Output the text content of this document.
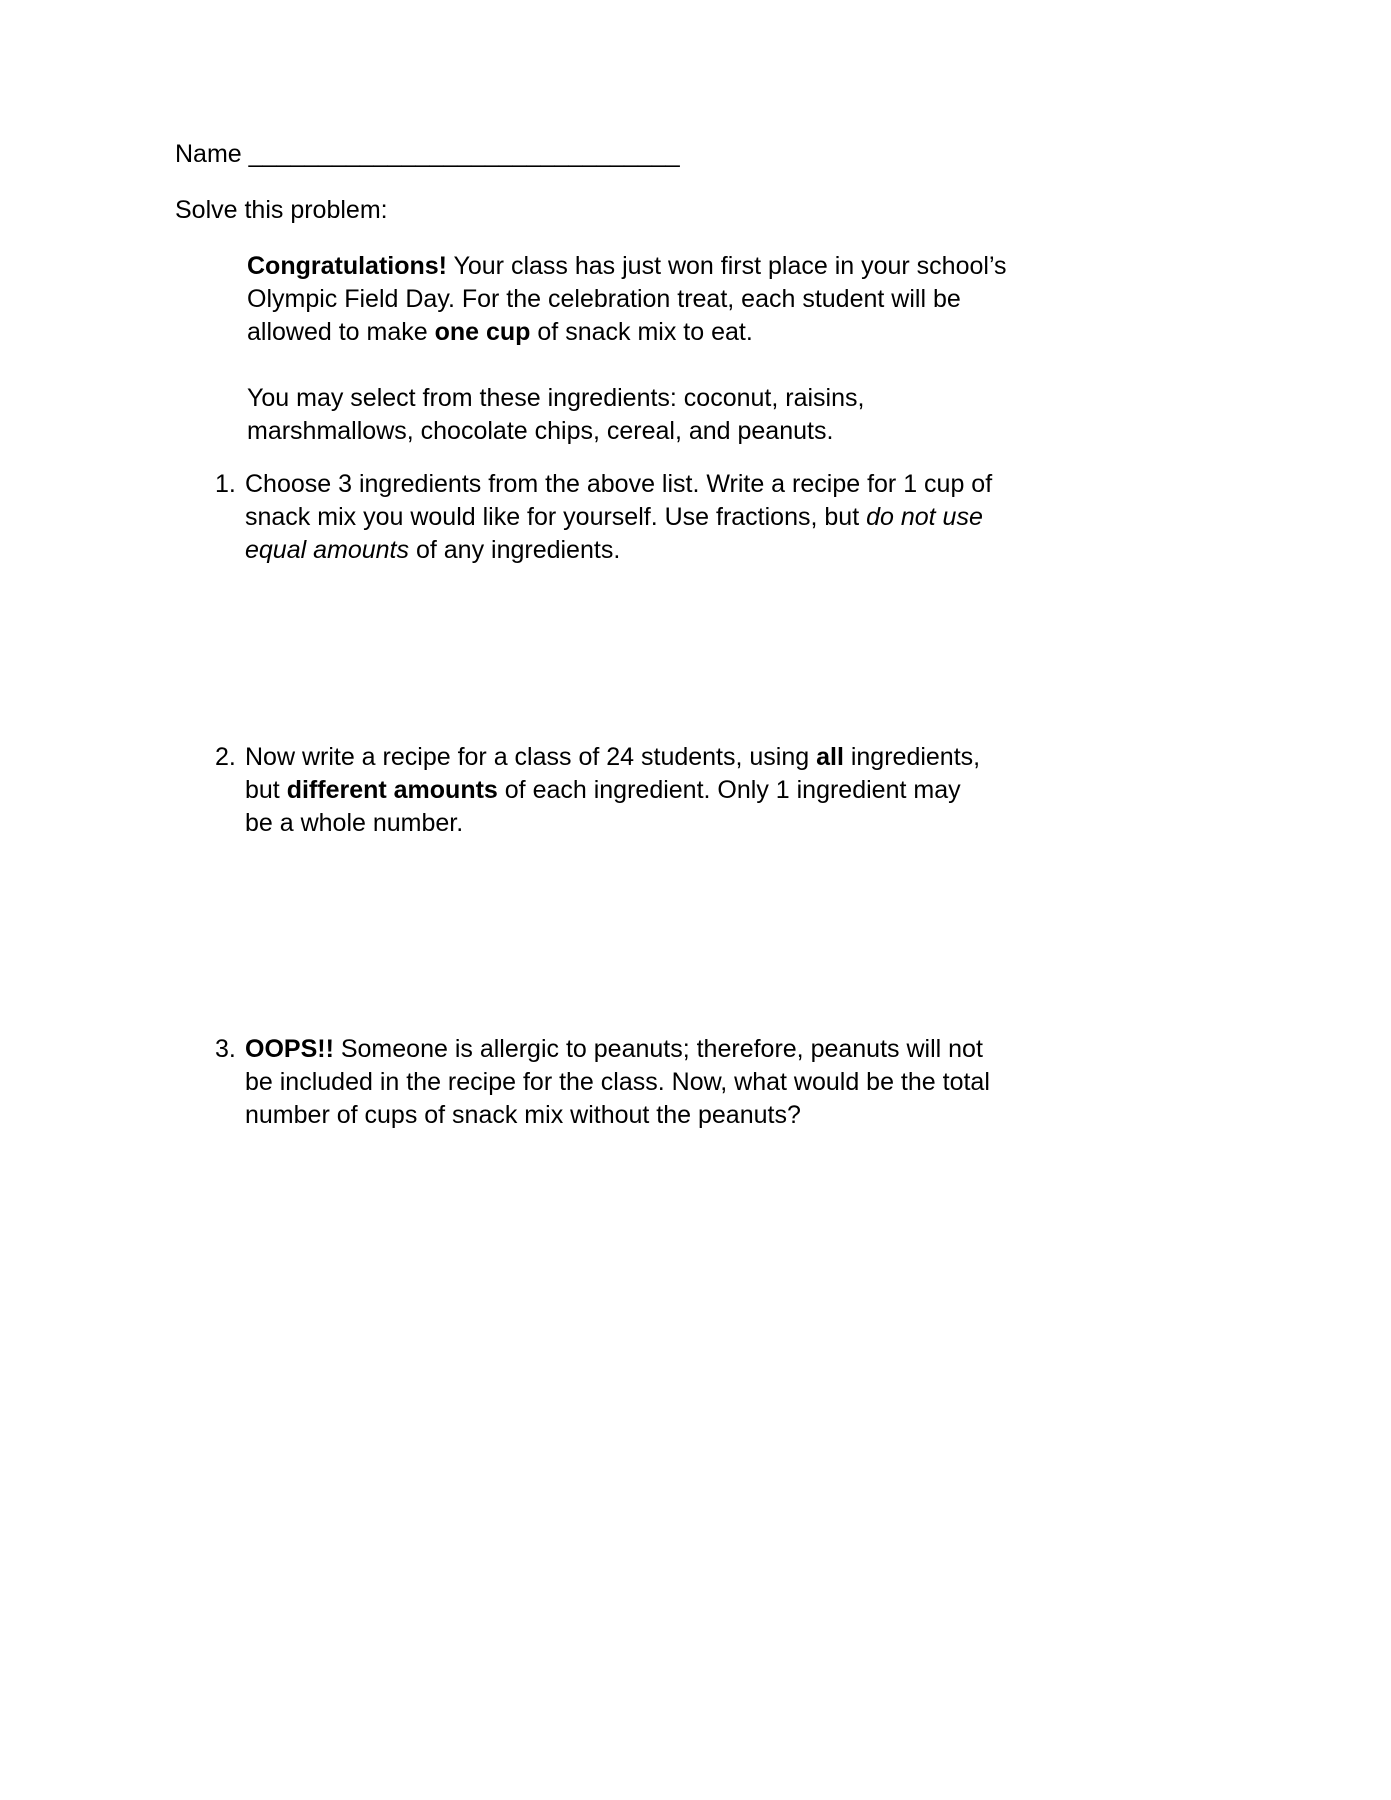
Name
_______________________________
Solve this problem:

Congratulations! Your class has just won first place in your school’s Olympic Field Day. For the celebration treat, each student will be allowed to make one cup of snack mix to eat.

You may select from these ingredients: coconut, raisins, marshmallows, chocolate chips, cereal, and peanuts.

1. Choose 3 ingredients from the above list. Write a recipe for 1 cup of snack mix you would like for yourself. Use fractions, but do not use equal amounts of any ingredients.
2. Now write a recipe for a class of 24 students, using all ingredients, but different amounts of each ingredient. Only 1 ingredient may be a whole number.
3. OOPS!! Someone is allergic to peanuts; therefore, peanuts will not be included in the recipe for the class. Now, what would be the total number of cups of snack mix without the peanuts?
